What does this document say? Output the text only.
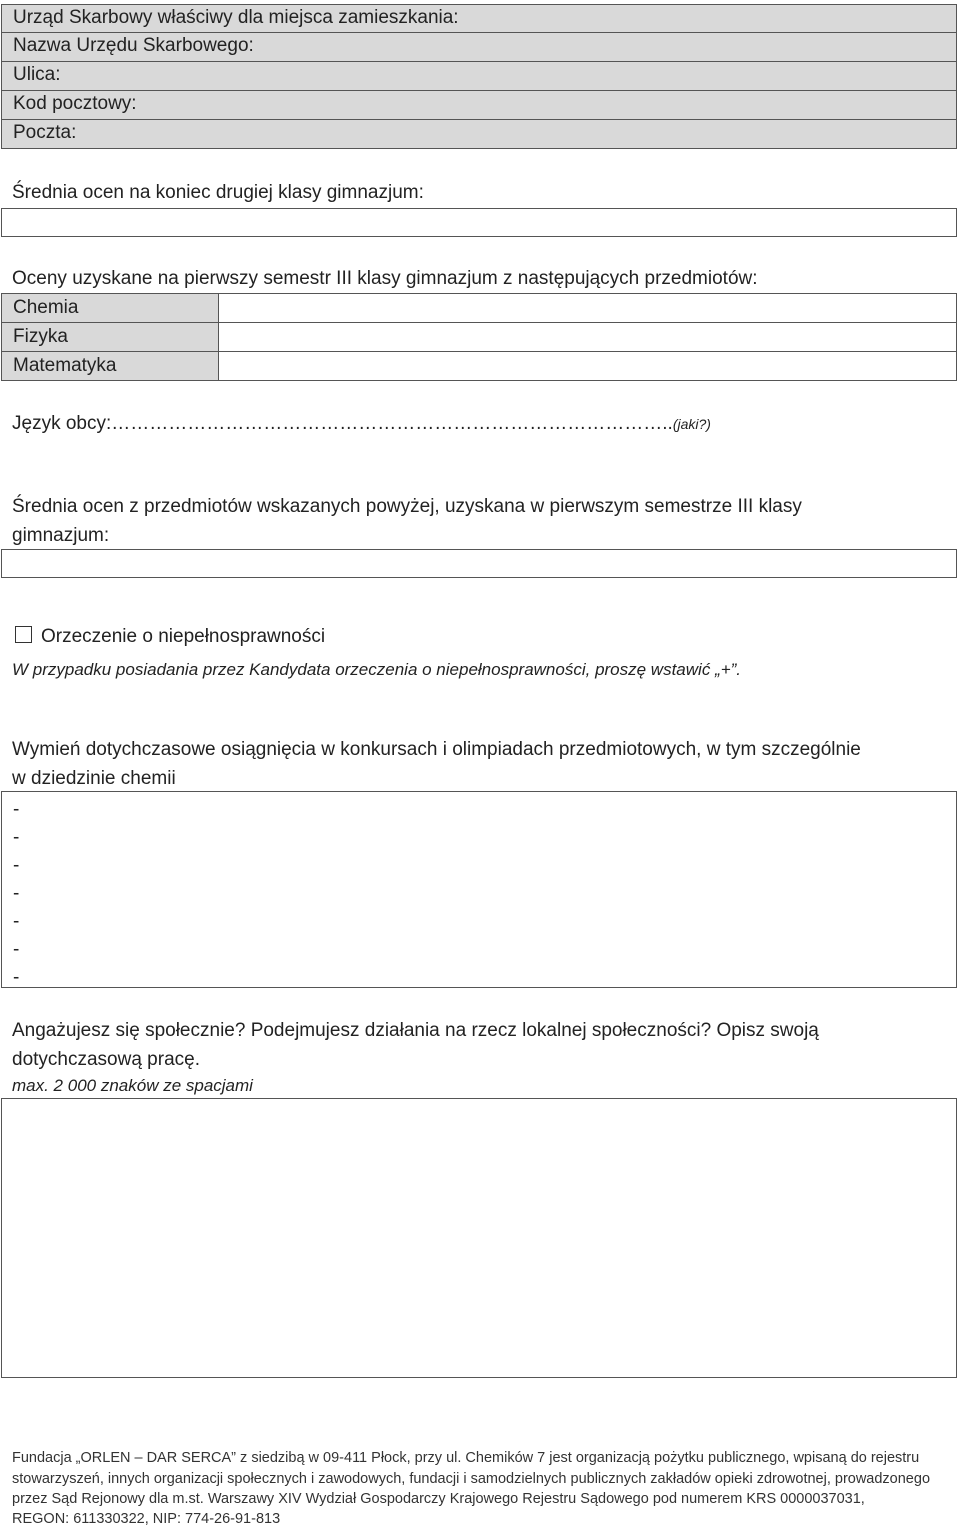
Urząd Skarbowy właściwy dla miejsca zamieszkania:
Nazwa Urzędu Skarbowego:
Ulica:
Kod pocztowy:
Poczta:
Średnia ocen na koniec drugiej klasy gimnazjum:
Oceny uzyskane na pierwszy semestr III klasy gimnazjum z następujących przedmiotów:
Chemia
Fizyka
Matematyka
Język obcy:……………………………………………………………………………..(jaki?)
Średnia ocen z przedmiotów wskazanych powyżej, uzyskana w pierwszym semestrze III klasy
gimnazjum:
Orzeczenie o niepełnosprawności
W przypadku posiadania przez Kandydata orzeczenia o niepełnosprawności, proszę wstawić „+”.
Wymień dotychczasowe osiągnięcia w konkursach i olimpiadach przedmiotowych, w tym szczególnie
w dziedzinie chemii
-
-
-
-
-
-
-
Angażujesz się społecznie? Podejmujesz działania na rzecz lokalnej społeczności? Opisz swoją
dotychczasową pracę.
max. 2 000 znaków ze spacjami
Fundacja „ORLEN – DAR SERCA” z siedzibą w 09-411 Płock, przy ul. Chemików 7 jest organizacją pożytku publicznego, wpisaną do rejestru
stowarzyszeń, innych organizacji społecznych i zawodowych, fundacji i samodzielnych publicznych zakładów opieki zdrowotnej, prowadzonego
przez Sąd Rejonowy dla m.st. Warszawy XIV Wydział Gospodarczy Krajowego Rejestru Sądowego pod numerem KRS 0000037031,
REGON: 611330322, NIP: 774-26-91-813
